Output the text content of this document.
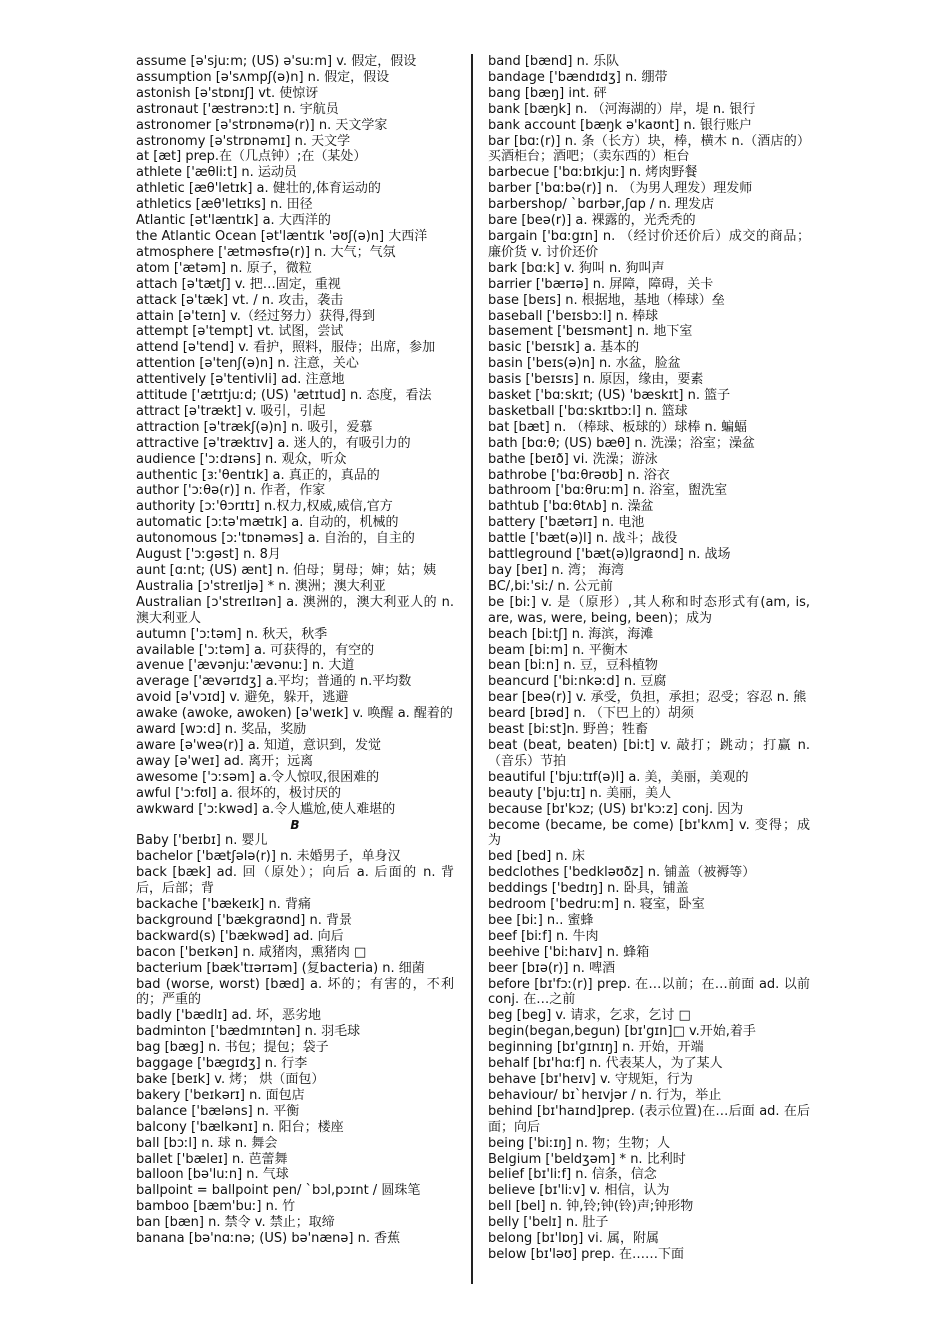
assume [ə'sjuːm; (US) ə'suːm] v. 假定，假设

assumption [ə'sʌmpʃ(ə)n] n. 假定，假设

astonish [ə'stɒnɪʃ] vt. 使惊讶

astronaut ['æstrənɔːt] n. 宇航员

astronomer [ə'strɒnəmə(r)] n. 天文学家

astronomy [ə'strɒnəmɪ] n. 天文学

at [æt] prep.在（几点钟）;在（某处）

athlete ['æθliːt] n. 运动员

athletic [æθ'letɪk] a. 健壮的,体育运动的

athletics [æθ'letɪks] n. 田径

Atlantic [ət'læntɪk] a. 大西洋的

the Atlantic Ocean [ət'læntɪk 'əʊʃ(ə)n] 大西洋

atmosphere ['ætməsfɪə(r)] n. 大气；气氛

atom ['ætəm] n. 原子，微粒

attach [ə'tætʃ] v. 把…固定，重视

attack [ə'tæk] vt. / n. 攻击，袭击

attain [ə'teɪn] v.（经过努力）获得,得到

attempt [ə'tempt] vt. 试图，尝试

attend [ə'tend] v. 看护，照料，服侍；出席，参加

attention [ə'tenʃ(ə)n] n. 注意，关心

attentively [ə'tentivli] ad. 注意地

attitude ['ætɪtjuːd; (US) 'ætɪtud] n. 态度，看法

attract [ə'trækt] v. 吸引，引起

attraction [ə'trækʃ(ə)n] n. 吸引，爱慕

attractive [ə'træktɪv] a. 迷人的，有吸引力的

audience ['ɔːdɪəns] n. 观众，听众

authentic [ɜː'θentɪk] a. 真正的，真品的

author ['ɔːθə(r)] n. 作者，作家

authority [ɔː'θɔrɪtɪ] n.权力,权威,威信,官方

automatic [ɔːtə'mætɪk] a. 自动的，机械的

autonomous [ɔː'tɒnəməs] a. 自治的，自主的

August ['ɔːgəst] n. 8月

aunt [ɑːnt; (US) ænt] n. 伯母；舅母；婶；姑；姨

Australia [ɔ'streɪljə] * n. 澳洲；澳大利亚

Australian [ɔ'streɪlɪən] a. 澳洲的，澳大利亚人的 n. 澳大利亚人

autumn ['ɔːtəm] n. 秋天，秋季

available ['ɔːtəm] a. 可获得的，有空的

avenue ['ævənjuː'ævənuː] n. 大道

average ['ævərɪdʒ] a.平均；普通的 n.平均数

avoid [ə'vɔɪd] v. 避免，躲开，逃避

awake (awoke, awoken) [ə'weɪk] v. 唤醒 a. 醒着的

award [wɔːd] n. 奖品，奖励

aware [ə'weə(r)] a. 知道，意识到，发觉

away [ə'weɪ] ad. 离开；远离

awesome ['ɔːsəm] a.令人惊叹,很困难的

awful ['ɔːfʊl] a. 很坏的，极讨厌的

awkward ['ɔːkwəd] a.令人尴尬,使人难堪的

B

Baby ['beɪbɪ] n. 婴儿

bachelor ['bætʃələ(r)] n. 未婚男子，单身汉

back [bæk] ad. 回（原处）；向后 a. 后面的 n. 背后，后部；背

backache ['bækeɪk] n. 背痛

background ['bækgraʊnd] n. 背景

backward(s) ['bækwəd] ad. 向后

bacon ['beɪkən] n. 咸猪肉，熏猪肉 □

bacterium [bæk'tɪərɪəm] (复bacteria) n. 细菌

bad (worse, worst) [bæd] a. 坏的；有害的，不利的；严重的

badly ['bædlɪ] ad. 坏，恶劣地

badminton ['bædmɪntən] n. 羽毛球

bag [bæg] n. 书包；提包；袋子

baggage ['bægɪdʒ] n. 行李

bake [beɪk] v. 烤； 烘（面包）

bakery ['beɪkərɪ] n. 面包店

balance ['bæləns] n. 平衡

balcony ['bælkənɪ] n. 阳台；楼座

ball [bɔːl] n. 球 n. 舞会

ballet ['bæleɪ] n. 芭蕾舞

balloon [bə'luːn] n. 气球

ballpoint = ballpoint pen/ `bɔl,pɔɪnt / 圆珠笔

bamboo [bæm'buː] n. 竹

ban [bæn] n. 禁令 v. 禁止；取缔

banana [bə'nɑːnə; (US) bə'nænə] n. 香蕉

band [bænd] n. 乐队

bandage ['bændɪdʒ] n. 绷带

bang [bæŋ] int. 砰

bank [bæŋk] n. （河海湖的）岸，堤 n. 银行

bank account [bæŋk ə'kaʊnt] n. 银行账户

bar [bɑː(r)] n. 条（长方）块，棒，横木 n.（酒店的）买酒柜台；酒吧；（卖东西的）柜台

barbecue ['bɑːbɪkjuː] n. 烤肉野餐

barber ['bɑːbə(r)] n. （为男人理发）理发师

barbershop/ `bɑrbər,ʃɑp / n. 理发店

bare [beə(r)] a. 裸露的，光秃秃的

bargain ['bɑːgɪn] n. （经讨价还价后）成交的商品；廉价货 v. 讨价还价

bark [bɑːk] v. 狗叫 n. 狗叫声

barrier ['bærɪə] n. 屏障，障碍，关卡

base [beɪs] n. 根据地，基地（棒球）垒

baseball ['beɪsbɔːl] n. 棒球

basement ['beɪsmənt] n. 地下室

basic ['beɪsɪk] a. 基本的

basin ['beɪs(ə)n] n. 水盆，脸盆

basis ['beɪsɪs] n. 原因，缘由，要素

basket ['bɑːskɪt; (US) 'bæskɪt] n. 篮子

basketball ['bɑːskɪtbɔːl] n. 篮球

bat [bæt] n. （棒球、板球的）球棒 n. 蝙蝠

bath [bɑːθ; (US) bæθ] n. 洗澡；浴室；澡盆

bathe [beɪð] vi. 洗澡；游泳

bathrobe ['bɑːθrəʊb] n. 浴衣

bathroom ['bɑːθruːm] n. 浴室，盥洗室

bathtub ['bɑːθtʌb] n. 澡盆

battery ['bætərɪ] n. 电池

battle ['bæt(ə)l] n. 战斗；战役

battleground ['bæt(ə)lgraʊnd] n. 战场

bay [beɪ] n. 湾； 海湾

BC/,biː'siː/ n. 公元前

be [biː] v. 是（原形）,其人称和时态形式有(am, is, are, was, were, being, been)；成为

beach [biːtʃ] n. 海滨，海滩

beam [biːm] n. 平衡木

bean [biːn] n. 豆，豆科植物

beancurd ['biːnkəːd] n. 豆腐

bear [beə(r)] v. 承受，负担，承担；忍受；容忍 n. 熊

beard [bɪəd] n. （下巴上的）胡须

beast [biːst]n. 野兽；牲畜

beat (beat, beaten) [biːt] v. 敲打；跳动；打赢 n.（音乐）节拍

beautiful ['bjuːtɪf(ə)l] a. 美，美丽，美观的

beauty ['bjuːtɪ] n. 美丽，美人

because [bɪ'kɔz; (US) bɪ'kɔːz] conj. 因为

become (became, be come) [bɪ'kʌm] v. 变得；成为

bed [bed] n. 床

bedclothes ['bedkləʊðz] n. 铺盖（被褥等）

beddings ['bedɪŋ] n. 卧具，铺盖

bedroom ['bedruːm] n. 寝室，卧室

bee [biː] n.. 蜜蜂

beef [biːf] n. 牛肉

beehive ['biːhaɪv] n. 蜂箱

beer [bɪə(r)] n. 啤酒

before [bɪ'fɔː(r)] prep. 在…以前；在…前面 ad. 以前 conj. 在…之前

beg [beg] v. 请求，乞求，乞讨 □

begin(began,begun) [bɪ'gɪn]□ v.开始,着手

beginning [bɪ'gɪnɪŋ] n. 开始，开端

behalf [bɪ'hɑːf] n. 代表某人，为了某人

behave [bɪ'heɪv] v. 守规矩，行为

behaviour/ bɪ`heɪvjər / n. 行为，举止

behind [bɪ'haɪnd]prep. (表示位置)在…后面 ad. 在后面；向后

being ['biːɪŋ] n. 物；生物；人

Belgium ['beldʒəm] * n. 比利时

belief [bɪ'liːf] n. 信条，信念

believe [bɪ'liːv] v. 相信，认为

bell [bel] n. 钟,铃;钟(铃)声;钟形物

belly ['belɪ] n. 肚子

belong [bɪ'lɒŋ] vi. 属，附属

below [bɪ'ləʊ] prep. 在……下面
